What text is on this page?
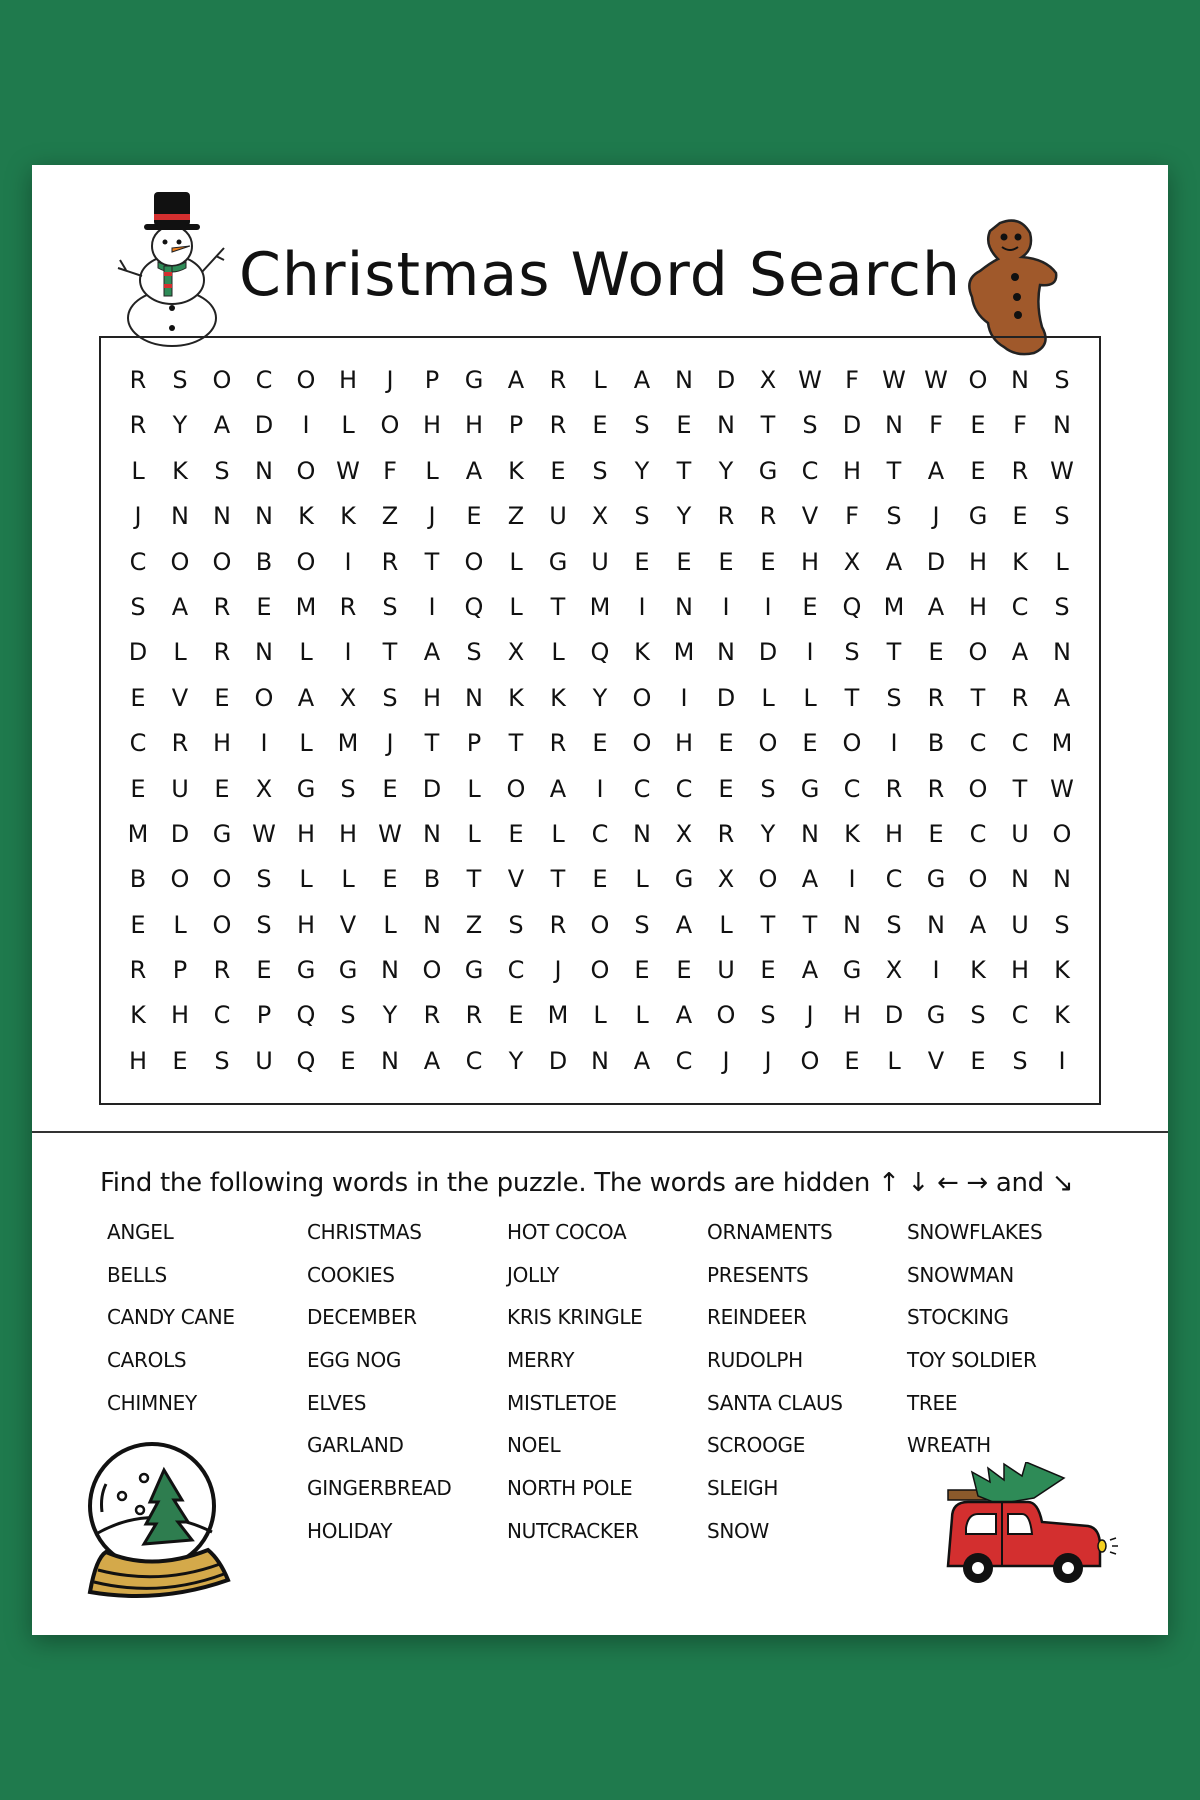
Christmas Word Search
R	S	O	C	O H	J	P	G	A	R	L	A	N D	X W F W W O N	S
R	Y	A	D	I	L	O H H	P	R	E	S	E	N	T	S	D N	F	E	F	N
L	K	S	N O W F	L	A	K	E	S	Y	T	Y	G	C	H	T	A	E	R W
J	N	N	N	K	K	Z	J	E	Z	U	X	S	Y	R	R	V	F	S	J	G	E	S
C	O O	B	O	I	R	T	O	L	G U	E	E	E	E	H	X	A	D H	K	L
S	A	R	E	M R	S	I	Q	L	T	M	I	N	I	I	E	Q M A	H	C	S
D	L	R	N	L	I	T	A	S	X	L	Q	K M N D	I	S	T	E	O	A	N
E	V	E	O	A	X	S	H	N	K	K	Y	O	I	D	L	L	T	S	R	T	R	A
C	R	H	I	L	M	J	T	P	T	R	E	O H	E	O	E	O	I	B	C	C M
E	U	E	X	G	S	E	D	L	O	A	I	C	C	E	S	G	C	R	R	O	T W
M D G W H H W N	L	E	L	C	N	X	R	Y	N	K	H	E	C	U O
B	O O	S	L	L	E	B	T	V	T	E	L	G	X	O	A	I	C	G O N	N
E	L	O	S	H	V	L	N	Z	S	R	O	S	A	L	T	T	N	S	N	A	U	S
R	P	R	E	G G N O G	C	J	O	E	E	U	E	A	G	X	I	K	H	K
K	H	C	P	Q	S	Y	R	R	E	M	L	L	A	O	S	J	H D G	S	C	K
H	E	S	U Q	E	N	A	C	Y	D N	A	C	J	J	O	E	L	V	E	S	I
Find the following words in the puzzle. The words are hidden ↑ ↓ ← → and ↘
ANGEL
BELLS
CANDY CANE
CAROLS
CHIMNEY
CHRISTMAS
COOKIES
DECEMBER
EGG NOG
ELVES
GARLAND
GINGERBREAD
HOLIDAY
HOT COCOA
JOLLY
KRIS KRINGLE
MERRY
MISTLETOE
NOEL
NORTH POLE
NUTCRACKER
ORNAMENTS
PRESENTS
REINDEER
RUDOLPH
SANTA CLAUS
SCROOGE
SLEIGH
SNOW
SNOWFLAKES
SNOWMAN
STOCKING
TOY SOLDIER
TREE
WREATH
